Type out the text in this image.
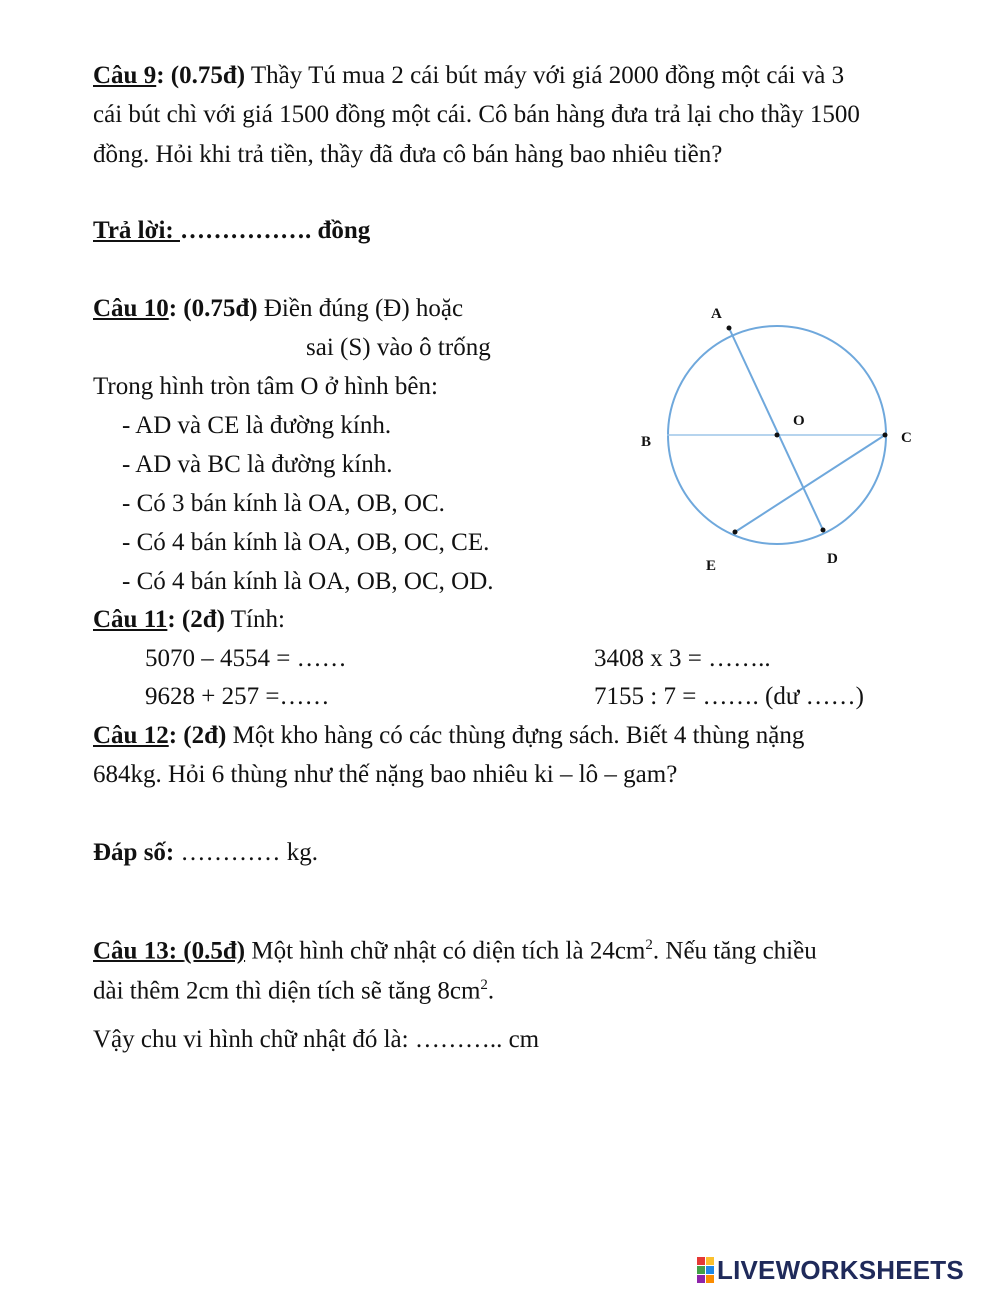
Câu 9: (0.75đ) Thầy Tú mua 2 cái bút máy với giá 2000 đồng một cái và 3
cái bút chì với giá 1500 đồng một cái. Cô bán hàng đưa trả lại cho thầy 1500
đồng. Hỏi khi trả tiền, thầy đã đưa cô bán hàng bao nhiêu tiền?
Trả lời: ……………. đồng
Câu 10: (0.75đ) Điền đúng (Đ) hoặc
sai (S) vào ô trống
Trong hình tròn tâm O ở hình bên:
- AD và CE là đường kính.
- AD và BC là đường kính.
- Có 3 bán kính là OA, OB, OC.
- Có 4 bán kính là OA, OB, OC, CE.
- Có 4 bán kính là OA, OB, OC, OD.
A
B	C
D
E
O
Câu 11: (2đ) Tính:
5070 – 4554 = ……	3408 x 3 = ……..
9628 + 257 =……	7155 : 7 = ……. (dư ……)
Câu 12: (2đ) Một kho hàng có các thùng đựng sách. Biết 4 thùng nặng
684kg. Hỏi 6 thùng như thế nặng bao nhiêu ki – lô – gam?
Đáp số: ………… kg.
Câu 13: (0.5đ) Một hình chữ nhật có diện tích là $24cm^2$. Nếu tăng chiều
dài thêm 2cm thì diện tích sẽ tăng $8cm^2$.
Vậy chu vi hình chữ nhật đó là: ……….. cm
LIVEWORKSHEETS
